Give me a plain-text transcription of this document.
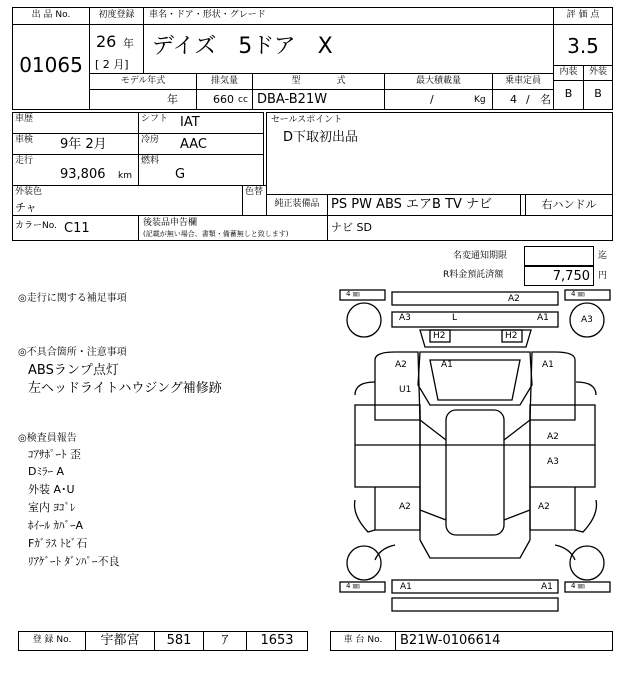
出 品 No.
01065
初度登録
26 年
[ 2 月]
車名・ドア・形状・グレード
デイズ　5ドア　X
評 価 点
3.5
内装	外装
B	B
モデル年式
年
排気量
660 cc
型　　　　式
DBA-B21W
最大積載量
/	Kg
乗車定員
4 / 名
車歴	シフト IAT
車検 9年 2月	冷房 AAC
走行
93,806 km
燃料
G
セールスポイント
D下取初出品
外装色
チャ
色替
純正装備品 PS PW ABS エアB TV ナビ	右ハンドル
カラーNo. C11	後装品申告欄
(記載が無い場合、書類・備蓄無しと致します)	ナビ SD
名変通知期限	迄
R料金預託済額	7,750 円
◎走行に関する補足事項
◎不具合箇所・注意事項
ABSランプ点灯
左ヘッドライトハウジング補修跡
◎検査員報告
ｺｱｻﾎﾟｰﾄ 歪
Dﾐﾗｰ A
外装 A･U
室内 ﾖｺﾞﾚ
ﾎｲｰﾙ ｶﾊﾞｰA
Fｶﾞﾗｽ ﾄﾋﾞ石
ﾘｱｹﾞｰﾄ ﾀﾞﾝﾊﾟｰ不良
4 ㎜	4 ㎜
4 ㎜	4 ㎜
A2
A3	L	A1
H2	H2
A3
A2
U1
A1	A1
A2
A3
A2	A2
A1	A1
登 録 No.	宇都宮	581	ｱ	1653	車 台 No.	B21W-0106614
